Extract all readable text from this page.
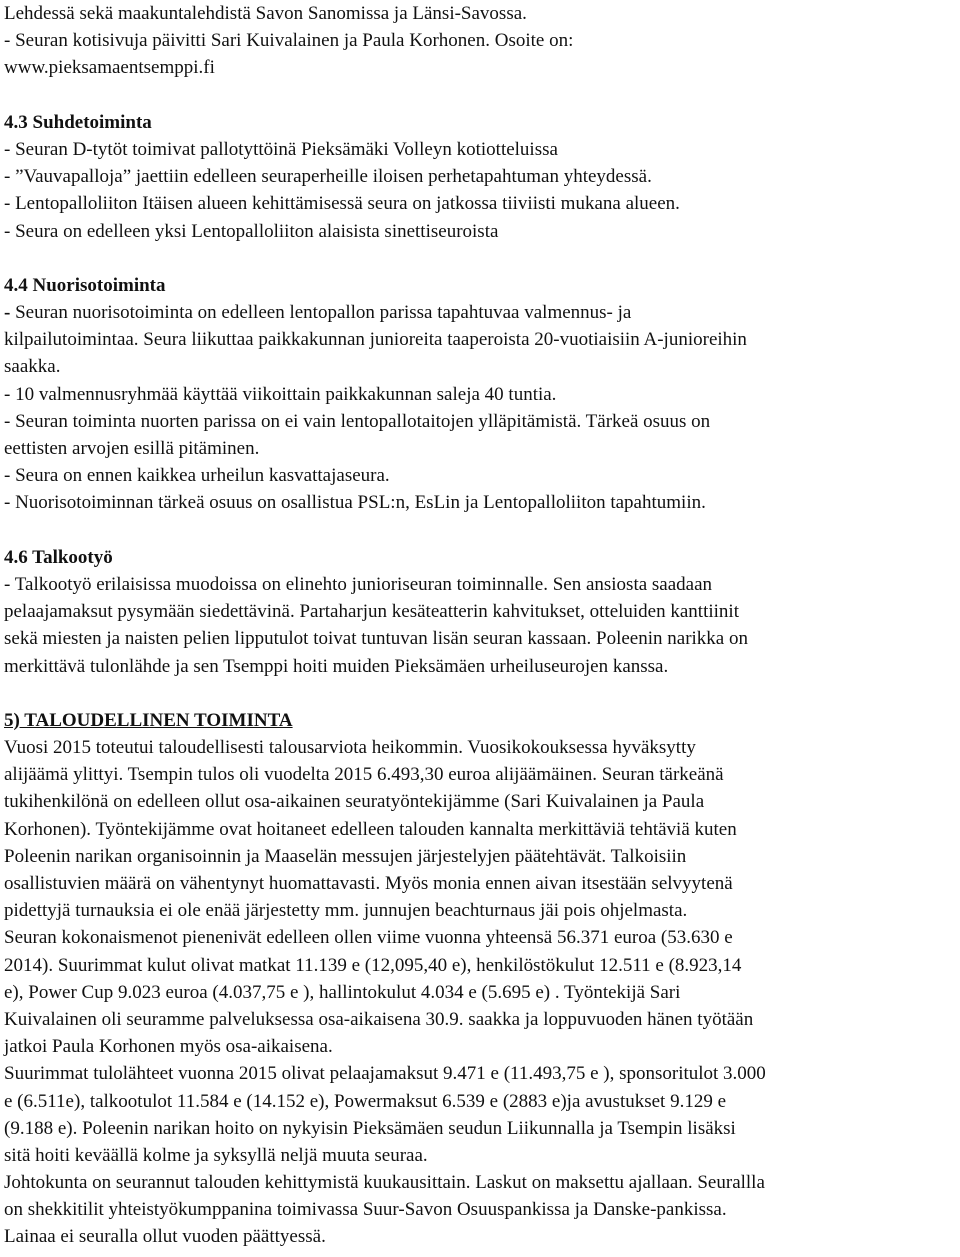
Lehdessä sekä maakuntalehdistä Savon Sanomissa ja Länsi-Savossa.
- Seuran kotisivuja päivitti Sari Kuivalainen ja Paula Korhonen. Osoite on:
www.pieksamaentsemppi.fi
4.3 Suhdetoiminta
- Seuran D-tytöt toimivat pallotyttöinä Pieksämäki Volleyn kotiotteluissa
- ”Vauvapalloja” jaettiin edelleen seuraperheille iloisen perhetapahtuman yhteydessä.
- Lentopalloliiton Itäisen alueen kehittämisessä seura on jatkossa tiiviisti mukana alueen.
- Seura on edelleen yksi Lentopalloliiton alaisista sinettiseuroista
4.4 Nuorisotoiminta
- Seuran nuorisotoiminta on edelleen lentopallon parissa tapahtuvaa valmennus- ja
kilpailutoimintaa. Seura liikuttaa paikkakunnan junioreita taaperoista 20-vuotiaisiin A-junioreihin
saakka.
- 10 valmennusryhmää käyttää viikoittain paikkakunnan saleja 40 tuntia.
- Seuran toiminta nuorten parissa on ei vain lentopallotaitojen ylläpitämistä. Tärkeä osuus on
eettisten arvojen esillä pitäminen.
- Seura on ennen kaikkea urheilun kasvattajaseura.
- Nuorisotoiminnan tärkeä osuus on osallistua PSL:n, EsLin ja Lentopalloliiton tapahtumiin.
4.6 Talkootyö
- Talkootyö erilaisissa muodoissa on elinehto junioriseuran toiminnalle. Sen ansiosta saadaan
pelaajamaksut pysymään siedettävinä. Partaharjun kesäteatterin kahvitukset, otteluiden kanttiinit
sekä miesten ja naisten pelien lipputulot toivat tuntuvan lisän seuran kassaan. Poleenin narikka on
merkittävä tulonlähde ja sen Tsemppi hoiti muiden Pieksämäen urheiluseurojen kanssa.
5) TALOUDELLINEN TOIMINTA
Vuosi 2015 toteutui taloudellisesti talousarviota heikommin. Vuosikokouksessa hyväksytty
alijäämä ylittyi. Tsempin tulos oli vuodelta 2015 6.493,30 euroa alijäämäinen. Seuran tärkeänä
tukihenkilönä on edelleen ollut osa-aikainen seuratyöntekijämme (Sari Kuivalainen ja Paula
Korhonen). Työntekijämme ovat hoitaneet edelleen talouden kannalta merkittäviä tehtäviä kuten
Poleenin narikan organisoinnin ja Maaselän messujen järjestelyjen päätehtävät. Talkoisiin
osallistuvien määrä on vähentynyt huomattavasti. Myös monia ennen aivan itsestään selvyytenä
pidettyjä turnauksia ei ole enää järjestetty mm. junnujen beachturnaus jäi pois ohjelmasta.
Seuran kokonaismenot pienenivät edelleen ollen viime vuonna yhteensä 56.371 euroa (53.630 e
2014). Suurimmat kulut olivat matkat 11.139 e (12,095,40 e), henkilöstökulut 12.511 e (8.923,14
e), Power Cup 9.023 euroa (4.037,75 e ), hallintokulut 4.034 e (5.695 e) . Työntekijä Sari
Kuivalainen oli seuramme palveluksessa osa-aikaisena 30.9. saakka ja loppuvuoden hänen työtään
jatkoi Paula Korhonen myös osa-aikaisena.
Suurimmat tulolähteet vuonna 2015 olivat pelaajamaksut 9.471 e (11.493,75 e ), sponsoritulot 3.000
e (6.511e), talkootulot 11.584 e (14.152 e), Powermaksut 6.539 e (2883 e)ja avustukset 9.129 e
(9.188 e). Poleenin narikan hoito on nykyisin Pieksämäen seudun Liikunnalla ja Tsempin lisäksi
sitä hoiti keväällä kolme ja syksyllä neljä muuta seuraa.
Johtokunta on seurannut talouden kehittymistä kuukausittain. Laskut on maksettu ajallaan. Seurallla
on shekkitilit yhteistyökumppanina toimivassa Suur-Savon Osuuspankissa ja Danske-pankissa.
Lainaa ei seuralla ollut vuoden päättyessä.
